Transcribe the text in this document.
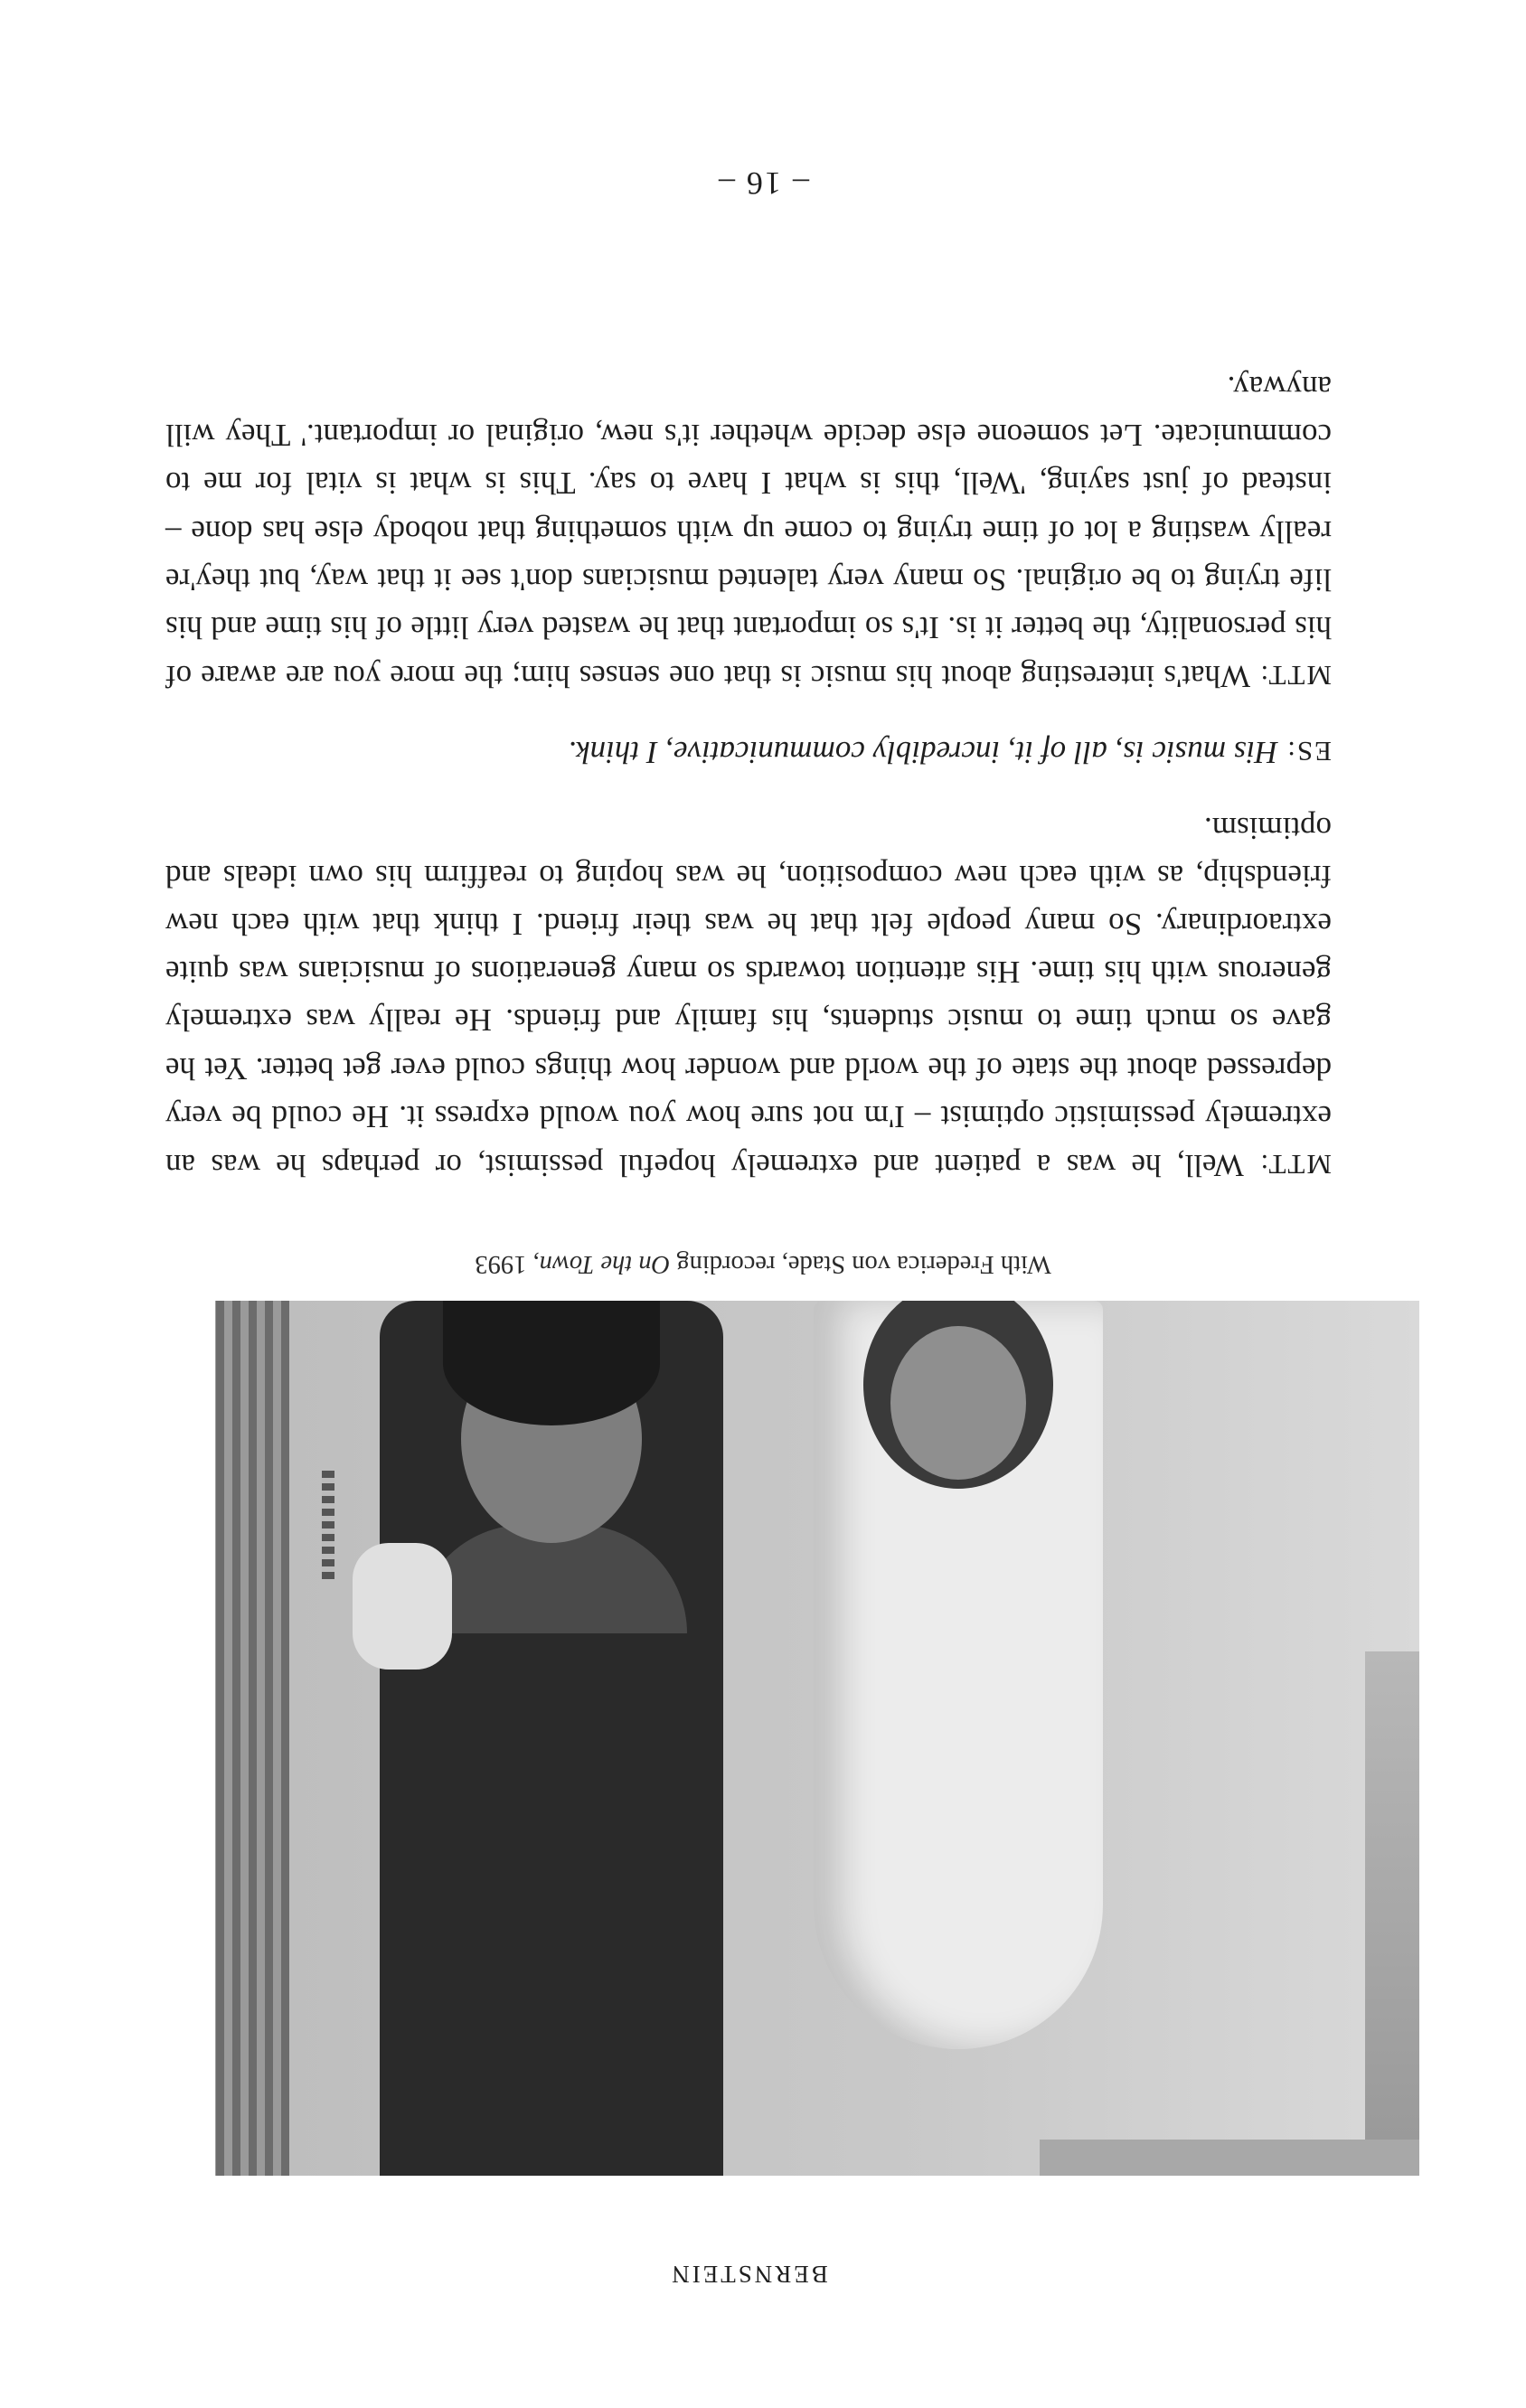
BERNSTEIN
With Frederica von Stade, recording On the Town, 1993

MTT: Well, he was a patient and extremely hopeful pessimist, or perhaps he was an extremely pessimistic optimist – I'm not sure how you would express it. He could be very depressed about the state of the world and wonder how things could ever get better. Yet he gave so much time to music students, his family and friends. He really was extremely generous with his time. His attention towards so many generations of musicians was quite extraordinary. So many people felt that he was their friend. I think that with each new friendship, as with each new composition, he was hoping to reaffirm his own ideals and optimism.

ES: His music is, all of it, incredibly communicative, I think.

MTT: What's interesting about his music is that one senses him; the more you are aware of his personality, the better it is. It's so important that he wasted very little of his time and his life trying to be original. So many very talented musicians don't see it that way, but they're really wasting a lot of time trying to come up with something that nobody else has done – instead of just saying, 'Well, this is what I have to say. This is what is vital for me to communicate. Let someone else decide whether it's new, original or important.' They will anyway.

– 16 –
